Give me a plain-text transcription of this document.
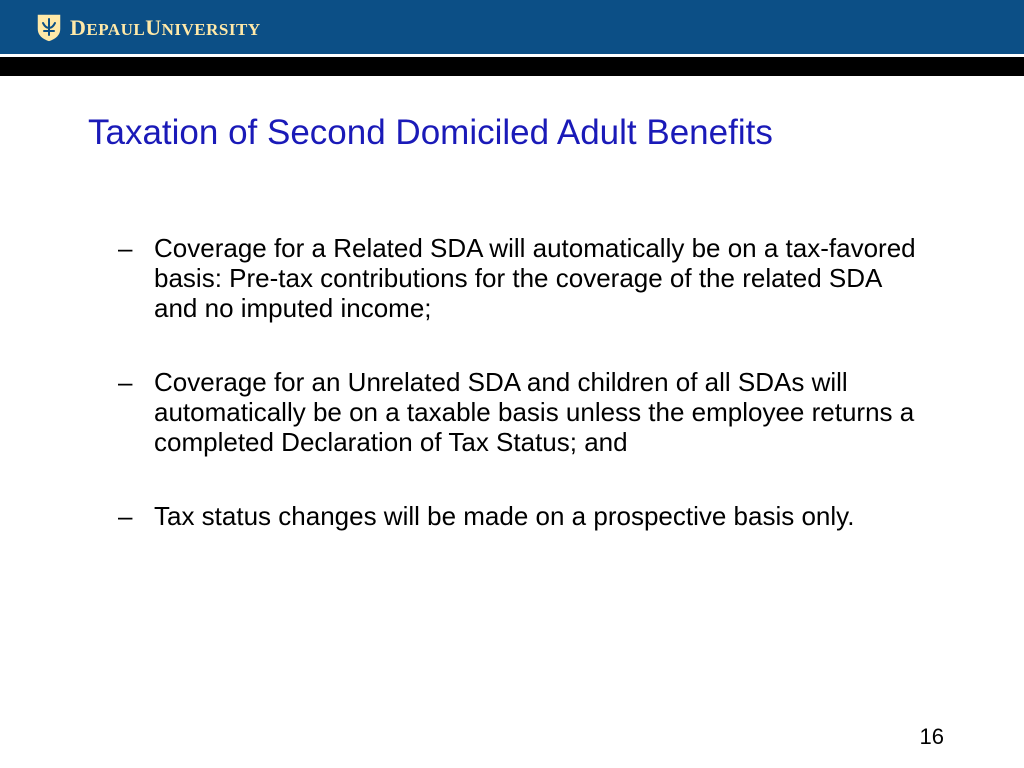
DEPAULUNIVERSITY
Taxation of Second Domiciled Adult Benefits
– Coverage for a Related SDA will automatically be on a tax-favored basis: Pre-tax contributions for the coverage of the related SDA and no imputed income;
– Coverage for an Unrelated SDA and children of all SDAs will automatically be on a taxable basis unless the employee returns a completed Declaration of Tax Status; and
– Tax status changes will be made on a prospective basis only.
16
